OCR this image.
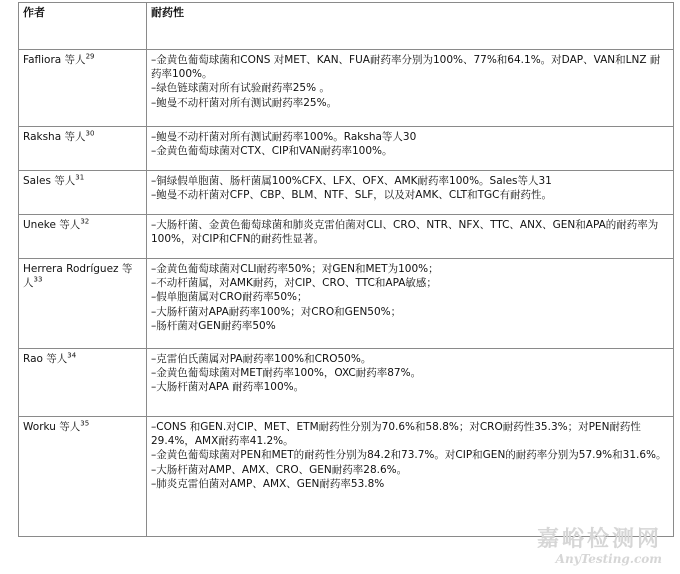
作者	耐药性
Fafliora 等人$^{29}$	–金黄色葡萄球菌和CONS 对MET、KAN、FUA耐药率分别为100%、77%和64.1%。对DAP、VAN和LNZ 耐药率100%。
–绿色链球菌对所有试验耐药率25% 。
–鲍曼不动杆菌对所有测试耐药率25%。

Raksha 等人$^{30}$	–鲍曼不动杆菌对所有测试耐药率100%。Raksha等人30
–金黄色葡萄球菌对CTX、CIP和VAN耐药率100%。

Sales 等人$^{31}$	–铜绿假单胞菌、肠杆菌属100%CFX、LFX、OFX、AMK耐药率100%。Sales等人31
–鲍曼不动杆菌对CFP、CBP、BLM、NTF、SLF，以及对AMK、CLT和TGC有耐药性。

Uneke 等人$^{32}$	–大肠杆菌、金黄色葡萄球菌和肺炎克雷伯菌对CLI、CRO、NTR、NFX、TTC、ANX、GEN和APA的耐药率为100%，对CIP和CFN的耐药性显著。

Herrera Rodríguez 等人$^{33}$	–金黄色葡萄球菌对CLI耐药率50%；对GEN和MET为100%；
–不动杆菌属，对AMK耐药，对CIP、CRO、TTC和APA敏感；
–假单胞菌属对CRO耐药率50%；
–大肠杆菌对APA耐药率100%；对CRO和GEN50%；
–肠杆菌对GEN耐药率50%

Rao 等人$^{34}$	–克雷伯氏菌属对PA耐药率100%和CRO50%。
–金黄色葡萄球菌对MET耐药率100%，OXC耐药率87%。
–大肠杆菌对APA 耐药率100%。

Worku 等人$^{35}$	–CONS 和GEN.对CIP、MET、ETM耐药性分别为70.6%和58.8%；对CRO耐药性35.3%；对PEN耐药性29.4%，AMX耐药率41.2%。
–金黄色葡萄球菌对PEN和MET的耐药性分别为84.2和73.7%。对CIP和GEN的耐药率分别为57.9%和31.6%。
–大肠杆菌对AMP、AMX、CRO、GEN耐药率28.6%。
–肺炎克雷伯菌对AMP、AMX、GEN耐药率53.8%
嘉峪检测网
AnyTesting.com
